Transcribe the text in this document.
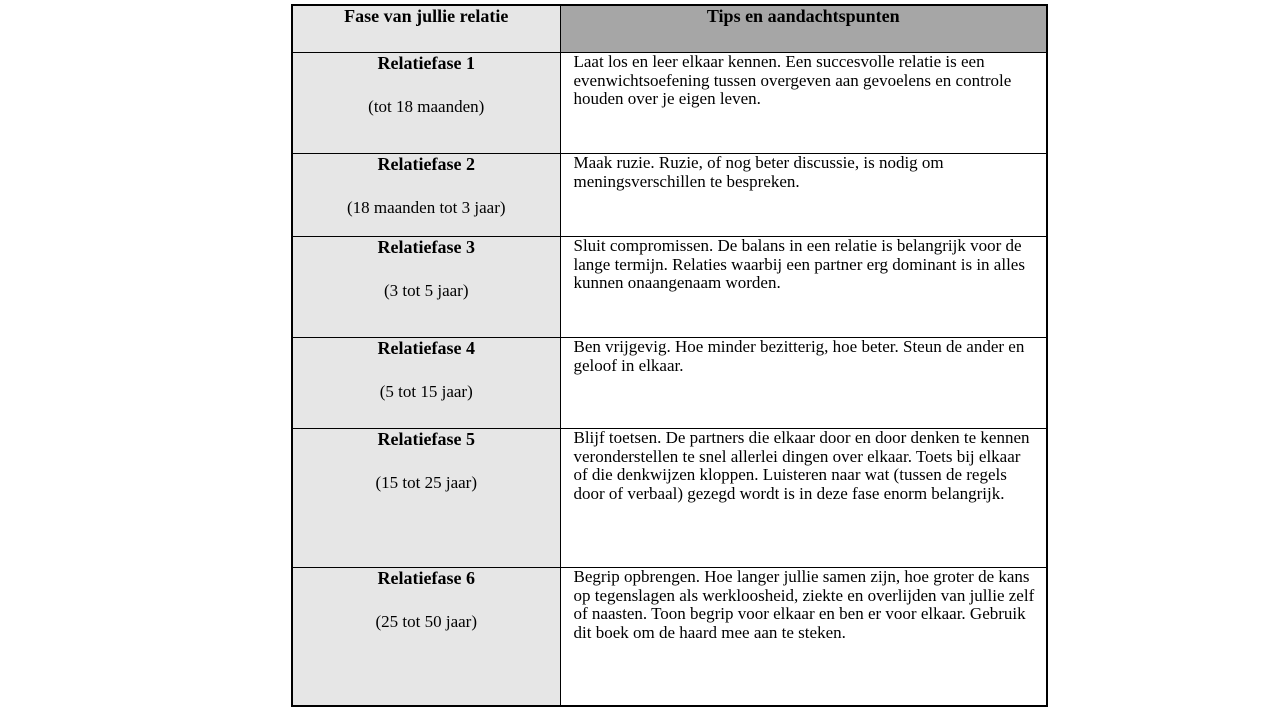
Fase van jullie relatie	Tips en aandachtspunten

Relatiefase 1
(tot 18 maanden)	Laat los en leer elkaar kennen. Een succesvolle relatie is een evenwichtsoefening tussen overgeven aan gevoelens en controle houden over je eigen leven.

Relatiefase 2
(18 maanden tot 3 jaar)	Maak ruzie. Ruzie, of nog beter discussie, is nodig om meningsverschillen te bespreken.

Relatiefase 3
(3 tot 5 jaar)	Sluit compromissen. De balans in een relatie is belangrijk voor de lange termijn. Relaties waarbij een partner erg dominant is in alles kunnen onaangenaam worden.

Relatiefase 4
(5 tot 15 jaar)	Ben vrijgevig. Hoe minder bezitterig, hoe beter. Steun de ander en geloof in elkaar.

Relatiefase 5
(15 tot 25 jaar)	Blijf toetsen. De partners die elkaar door en door denken te kennen veronderstellen te snel allerlei dingen over elkaar. Toets bij elkaar of die denkwijzen kloppen. Luisteren naar wat (tussen de regels door of verbaal) gezegd wordt is in deze fase enorm belangrijk.

Relatiefase 6
(25 tot 50 jaar)	Begrip opbrengen. Hoe langer jullie samen zijn, hoe groter de kans op tegenslagen als werkloosheid, ziekte en overlijden van jullie zelf of naasten. Toon begrip voor elkaar en ben er voor elkaar. Gebruik dit boek om de haard mee aan te steken.
